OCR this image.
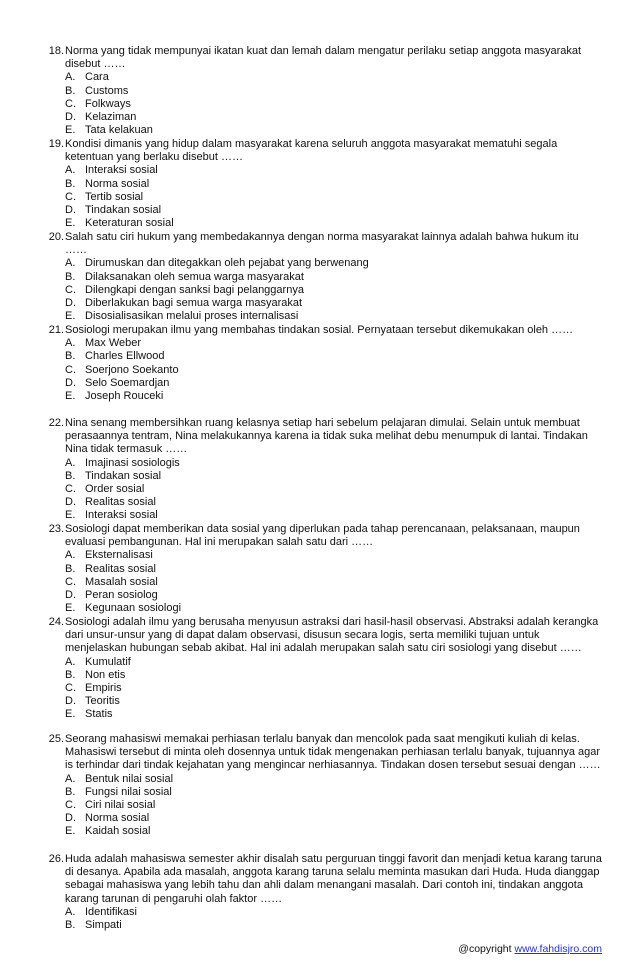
18. Norma yang tidak mempunyai ikatan kuat dan lemah dalam mengatur perilaku setiap anggota masyarakat disebut ……
A. Cara
B. Customs
C. Folkways
D. Kelaziman
E. Tata kelakuan
19. Kondisi dimanis yang hidup dalam masyarakat karena seluruh anggota masyarakat mematuhi segala ketentuan yang berlaku disebut ……
A. Interaksi sosial
B. Norma sosial
C. Tertib sosial
D. Tindakan sosial
E. Keteraturan sosial
20. Salah satu ciri hukum yang membedakannya dengan norma masyarakat lainnya adalah bahwa hukum itu ……
A. Dirumuskan dan ditegakkan oleh pejabat yang berwenang
B. Dilaksanakan oleh semua warga masyarakat
C. Dilengkapi dengan sanksi bagi pelanggarnya
D. Diberlakukan bagi semua warga masyarakat
E. Disosialisasikan melalui proses internalisasi
21. Sosiologi merupakan ilmu yang membahas tindakan sosial. Pernyataan tersebut dikemukakan oleh ……
A. Max Weber
B. Charles Ellwood
C. Soerjono Soekanto
D. Selo Soemardjan
E. Joseph Rouceki
22. Nina senang membersihkan ruang kelasnya setiap hari sebelum pelajaran dimulai. Selain untuk membuat perasaannya tentram, Nina melakukannya karena ia tidak suka melihat debu menumpuk di lantai. Tindakan Nina tidak termasuk ……
A. Imajinasi sosiologis
B. Tindakan sosial
C. Order sosial
D. Realitas sosial
E. Interaksi sosial
23. Sosiologi dapat memberikan data sosial yang diperlukan pada tahap perencanaan, pelaksanaan, maupun evaluasi pembangunan. Hal ini merupakan salah satu dari ……
A. Eksternalisasi
B. Realitas sosial
C. Masalah sosial
D. Peran sosiolog
E. Kegunaan sosiologi
24. Sosiologi adalah ilmu yang berusaha menyusun astraksi dari hasil-hasil observasi. Abstraksi adalah kerangka dari unsur-unsur yang di dapat dalam observasi, disusun secara logis, serta memiliki tujuan untuk menjelaskan hubungan sebab akibat. Hal ini adalah merupakan salah satu ciri sosiologi yang disebut ……
A. Kumulatif
B. Non etis
C. Empiris
D. Teoritis
E. Statis
25. Seorang mahasiswi memakai perhiasan terlalu banyak dan mencolok pada saat mengikuti kuliah di kelas. Mahasiswi tersebut di minta oleh dosennya untuk tidak mengenakan perhiasan terlalu banyak, tujuannya agar is terhindar dari tindak kejahatan yang mengincar nerhiasannya. Tindakan dosen tersebut sesuai dengan ……
A. Bentuk nilai sosial
B. Fungsi nilai sosial
C. Ciri nilai sosial
D. Norma sosial
E. Kaidah sosial
26. Huda adalah mahasiswa semester akhir disalah satu perguruan tinggi favorit dan menjadi ketua karang taruna di desanya. Apabila ada masalah, anggota karang taruna selalu meminta masukan dari Huda. Huda dianggap sebagai mahasiswa yang lebih tahu dan ahli dalam menangani masalah. Dari contoh ini, tindakan anggota karang tarunan di pengaruhi olah faktor ……
A. Identifikasi
B. Simpati
@copyright www.fahdisjro.com
